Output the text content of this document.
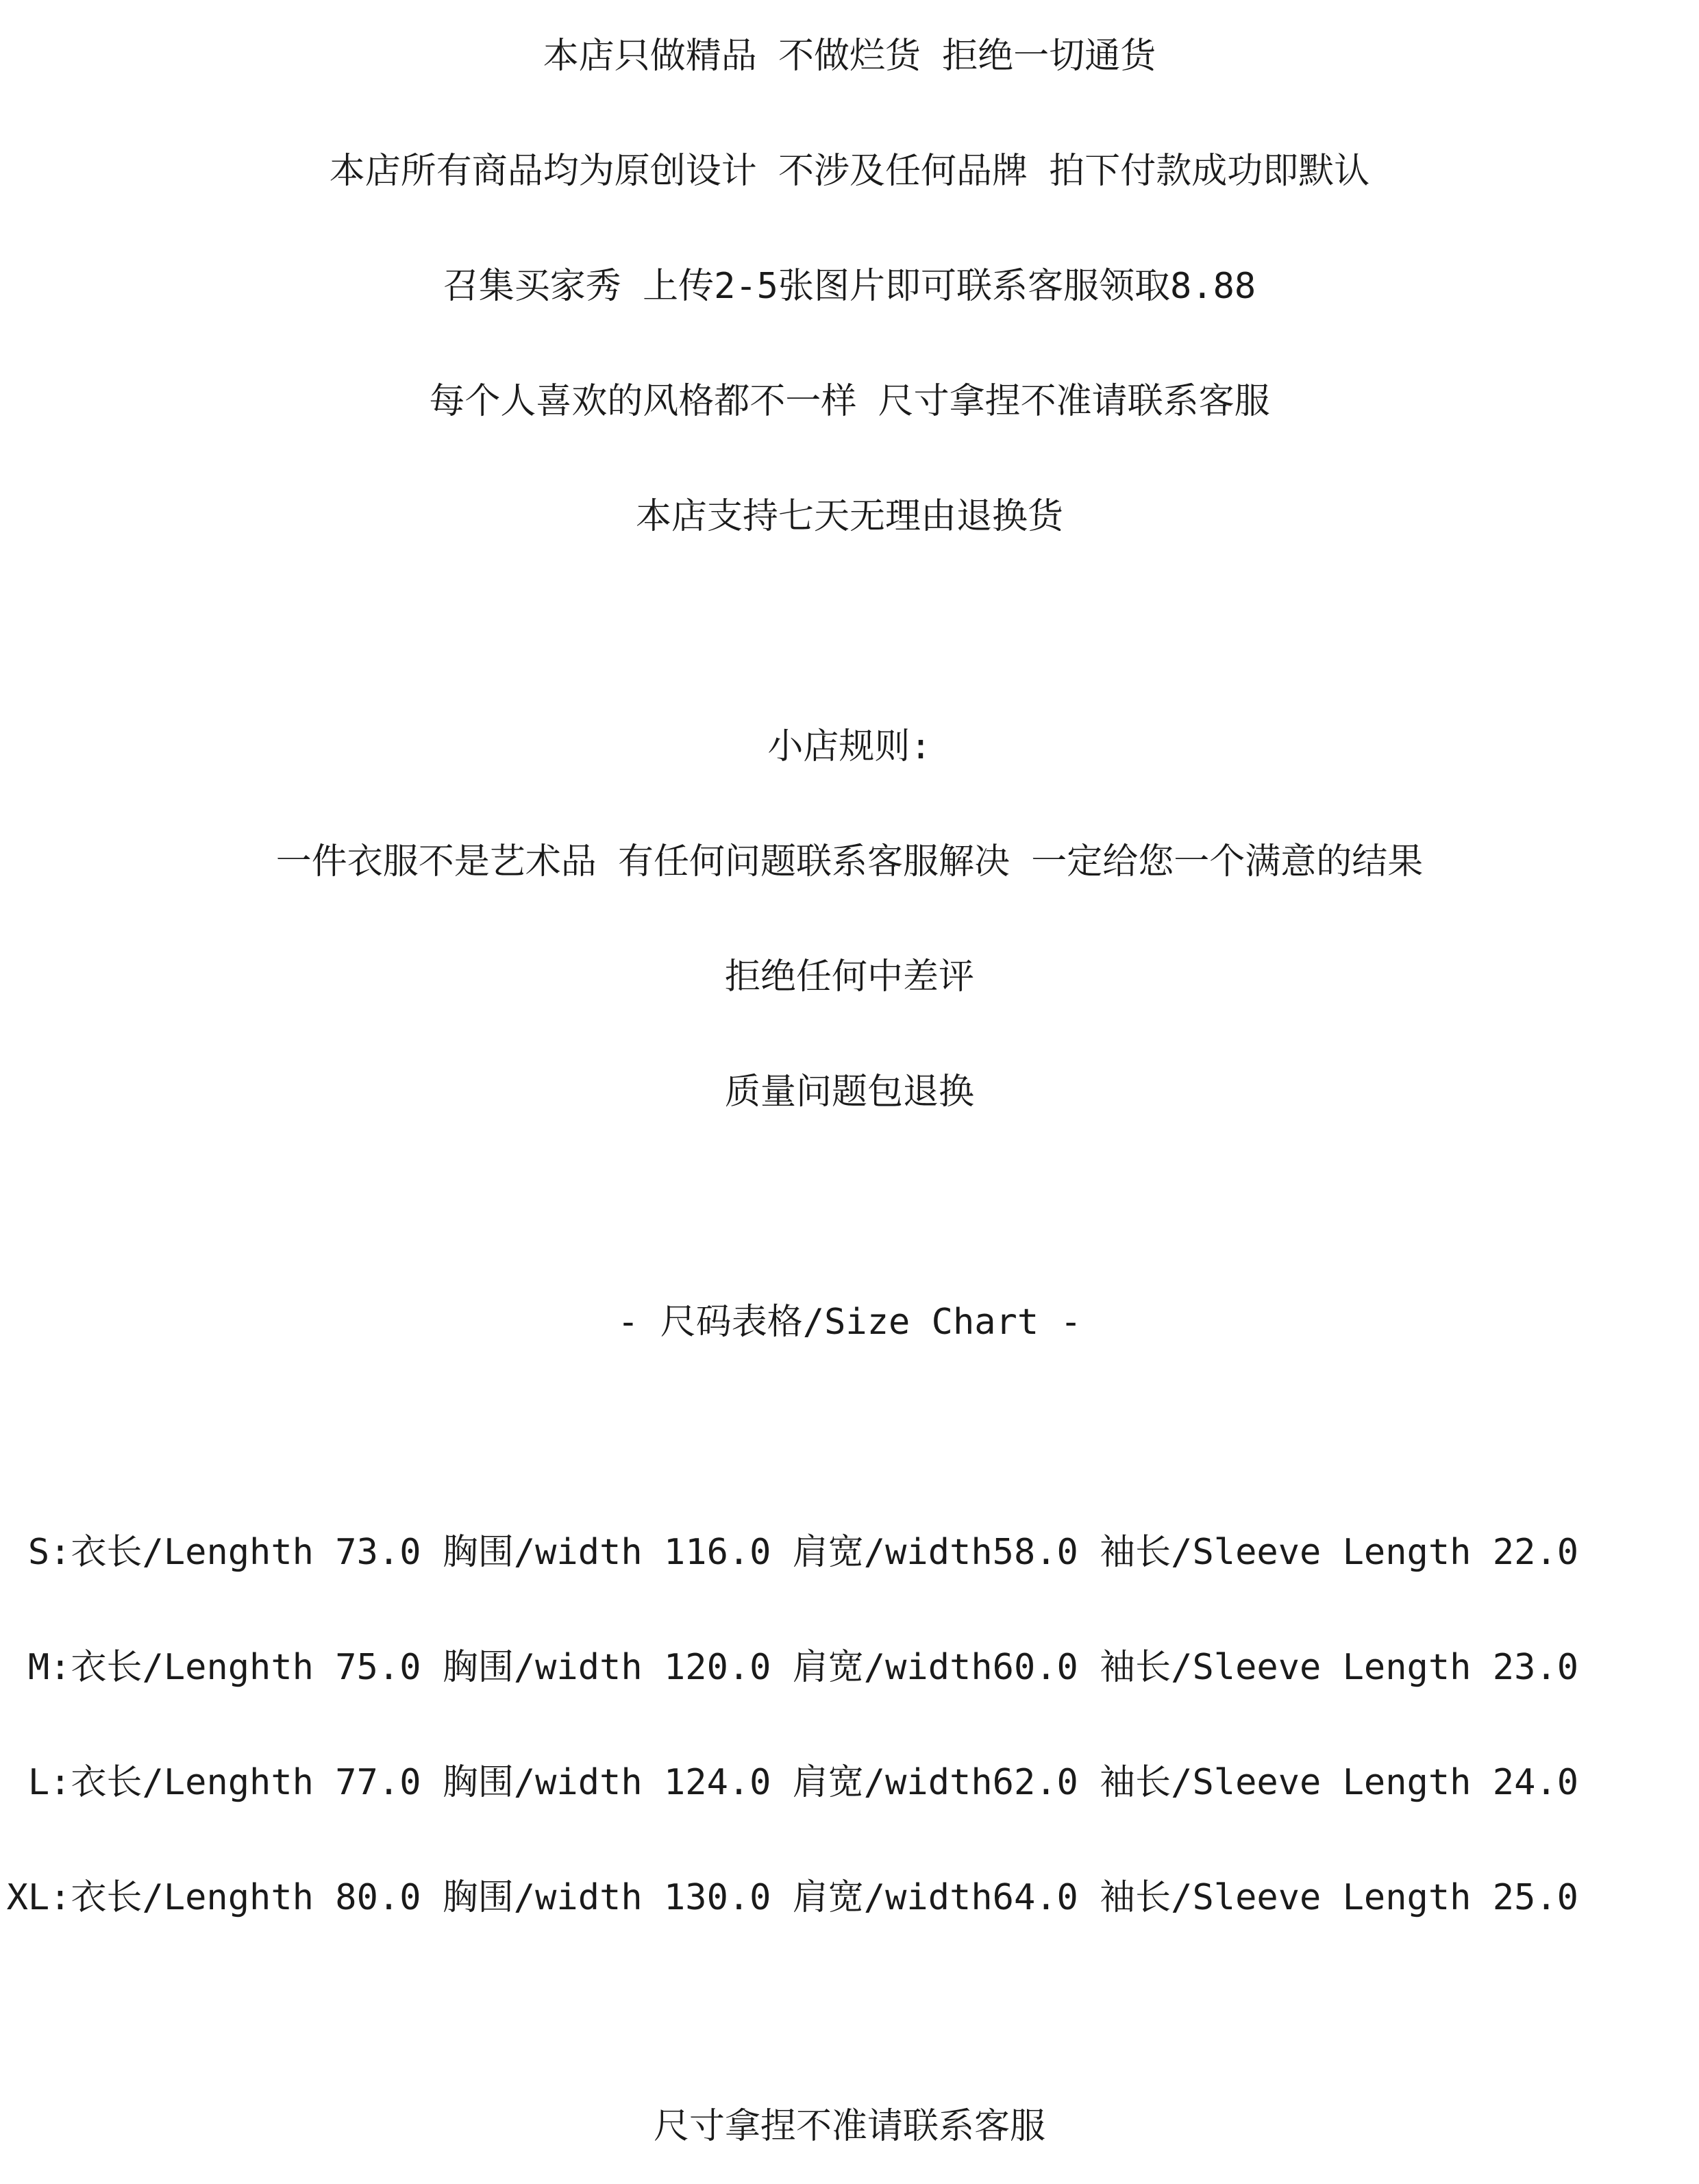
本店只做精品 不做烂货 拒绝一切通货
本店所有商品均为原创设计 不涉及任何品牌 拍下付款成功即默认
召集买家秀 上传2-5张图片即可联系客服领取8.88
每个人喜欢的风格都不一样 尺寸拿捏不准请联系客服
本店支持七天无理由退换货
小店规则:
一件衣服不是艺术品 有任何问题联系客服解决 一定给您一个满意的结果
拒绝任何中差评
质量问题包退换
- 尺码表格/Size Chart -
S:衣长/Lenghth 73.0 胸围/width 116.0 肩宽/width58.0 袖长/Sleeve Length 22.0
M:衣长/Lenghth 75.0 胸围/width 120.0 肩宽/width60.0 袖长/Sleeve Length 23.0
L:衣长/Lenghth 77.0 胸围/width 124.0 肩宽/width62.0 袖长/Sleeve Length 24.0
XL:衣长/Lenghth 80.0 胸围/width 130.0 肩宽/width64.0 袖长/Sleeve Length 25.0
尺寸拿捏不准请联系客服
